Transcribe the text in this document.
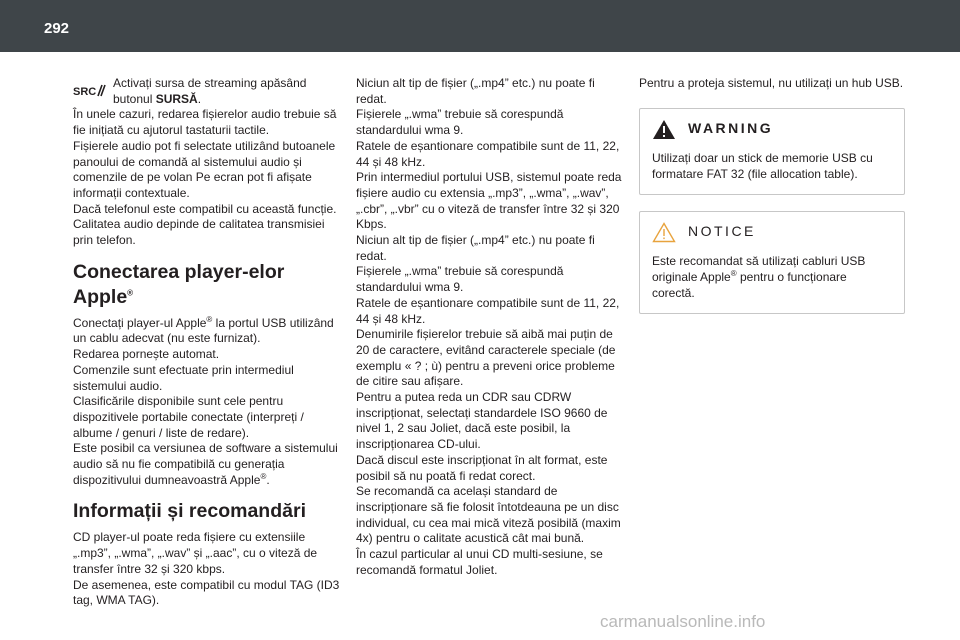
292
SRC

Activați sursa de streaming apăsând butonul SURSĂ.

În unele cazuri, redarea fișierelor audio trebuie să fie inițiată cu ajutorul tastaturii tactile.

Fișierele audio pot fi selectate utilizând butoanele panoului de comandă al sistemului audio și comenzile de pe volan Pe ecran pot fi afișate informații contextuale.

Dacă telefonul este compatibil cu această funcție. Calitatea audio depinde de calitatea transmisiei prin telefon.

Conectarea player-elor
Apple®

Conectați player-ul Apple® la portul USB utilizând un cablu adecvat (nu este furnizat).

Redarea pornește automat.

Comenzile sunt efectuate prin intermediul sistemului audio.

Clasificările disponibile sunt cele pentru dispozitivele portabile conectate (interpreți / albume / genuri / liste de redare).

Este posibil ca versiunea de software a sistemului audio să nu fie compatibilă cu generația dispozitivului dumneavoastră Apple®.

Informații și recomandări

CD player-ul poate reda fișiere cu extensiile „.mp3”, „.wma”, „.wav” și „.aac”, cu o viteză de transfer între 32 și 320 kbps.

De asemenea, este compatibil cu modul TAG (ID3 tag, WMA TAG).

Niciun alt tip de fișier („.mp4” etc.) nu poate fi redat.

Fișierele „.wma” trebuie să corespundă standardului wma 9.

Ratele de eșantionare compatibile sunt de 11, 22, 44 și 48 kHz.

Prin intermediul portului USB, sistemul poate reda fișiere audio cu extensia „.mp3”, „.wma”, „.wav”, „.cbr”, „.vbr” cu o viteză de transfer între 32 și 320 Kbps.

Niciun alt tip de fișier („.mp4” etc.) nu poate fi redat.

Fișierele „.wma” trebuie să corespundă standardului wma 9.

Ratele de eșantionare compatibile sunt de 11, 22, 44 și 48 kHz.

Denumirile fișierelor trebuie să aibă mai puțin de 20 de caractere, evitând caracterele speciale (de exemplu « ? ; ù) pentru a preveni orice probleme de citire sau afișare.

Pentru a putea reda un CDR sau CDRW inscripționat, selectați standardele ISO 9660 de nivel 1, 2 sau Joliet, dacă este posibil, la inscripționarea CD-ului.

Dacă discul este inscripționat în alt format, este posibil să nu poată fi redat corect.

Se recomandă ca același standard de inscripționare să fie folosit întotdeauna pe un disc individual, cu cea mai mică viteză posibilă (maxim 4x) pentru o calitate acustică cât mai bună.

În cazul particular al unui CD multi-sesiune, se recomandă formatul Joliet.

Pentru a proteja sistemul, nu utilizați un hub USB.

WARNING

Utilizați doar un stick de memorie USB cu formatare FAT 32 (file allocation table).

NOTICE

Este recomandat să utilizați cabluri USB originale Apple® pentru o funcționare corectă.

carmanualsonline.info
